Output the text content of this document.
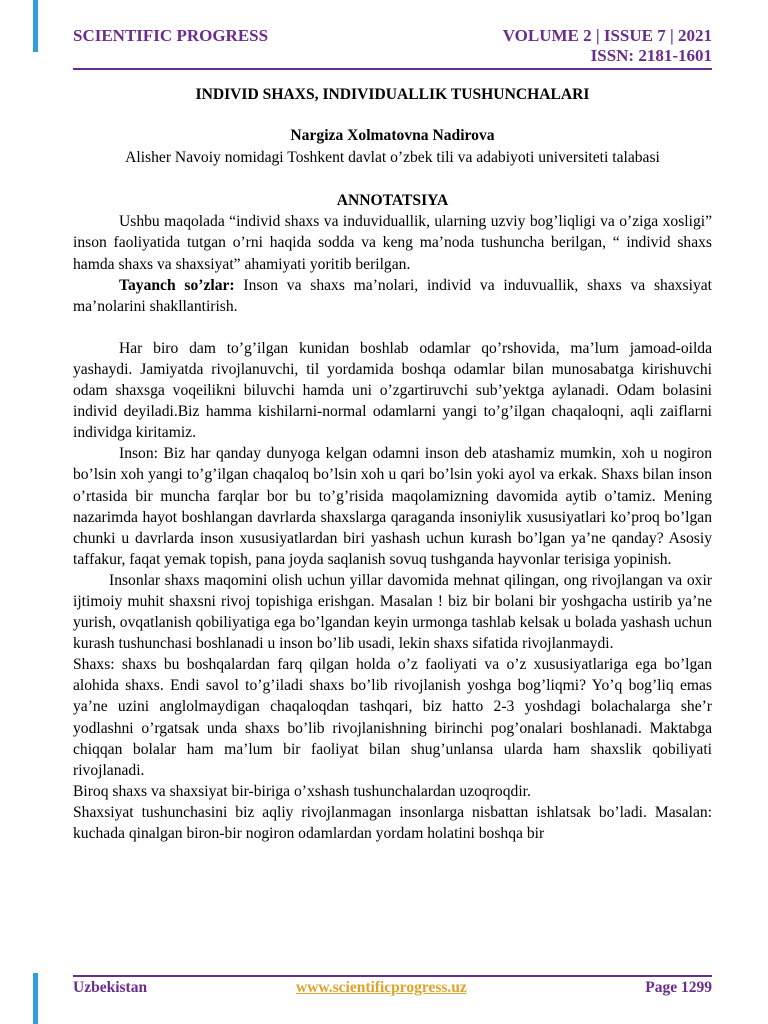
SCIENTIFIC PROGRESS	VOLUME 2 | ISSUE 7 | 2021
ISSN: 2181-1601
INDIVID SHAXS, INDIVIDUALLIK TUSHUNCHALARI
Nargiza Xolmatovna Nadirova
Alisher Navoiy nomidagi Toshkent davlat o’zbek tili va adabiyoti universiteti talabasi
ANNOTATSIYA

Ushbu maqolada “individ shaxs va induviduallik, ularning uzviy bog’liqligi va o’ziga xosligi” inson faoliyatida tutgan o’rni haqida sodda va keng ma’noda tushuncha berilgan, “ individ shaxs hamda shaxs va shaxsiyat” ahamiyati yoritib berilgan.

Tayanch so’zlar: Inson va shaxs ma’nolari, individ va induvuallik, shaxs va shaxsiyat ma’nolarini shakllantirish.

Har biro dam to’g’ilgan kunidan boshlab odamlar qo’rshovida, ma’lum jamoad-oilda yashaydi. Jamiyatda rivojlanuvchi, til yordamida boshqa odamlar bilan munosabatga kirishuvchi odam shaxsga voqeilikni biluvchi hamda uni o’zgartiruvchi sub’yektga aylanadi. Odam bolasini individ deyiladi.Biz hamma kishilarni-normal odamlarni yangi to’g’ilgan chaqaloqni, aqli zaiflarni individga kiritamiz.

Inson: Biz har qanday dunyoga kelgan odamni inson deb atashamiz mumkin, xoh u nogiron bo’lsin xoh yangi to’g’ilgan chaqaloq bo’lsin xoh u qari bo’lsin yoki ayol va erkak. Shaxs bilan inson o’rtasida bir muncha farqlar bor bu to’g’risida maqolamizning davomida aytib o’tamiz. Mening nazarimda hayot boshlangan davrlarda shaxslarga qaraganda insoniylik xususiyatlari ko’proq bo’lgan chunki u davrlarda inson xususiyatlardan biri yashash uchun kurash bo’lgan ya’ne qanday? Asosiy taffakur, faqat yemak topish, pana joyda saqlanish sovuq tushganda hayvonlar terisiga yopinish.

Insonlar shaxs maqomini olish uchun yillar davomida mehnat qilingan, ong rivojlangan va oxir ijtimoiy muhit shaxsni rivoj topishiga erishgan. Masalan ! biz bir bolani bir yoshgacha ustirib ya’ne yurish, ovqatlanish qobiliyatiga ega bo’lgandan keyin urmonga tashlab kelsak u bolada yashash uchun kurash tushunchasi boshlanadi u inson bo’lib usadi, lekin shaxs sifatida rivojlanmaydi.

Shaxs: shaxs bu boshqalardan farq qilgan holda o’z faoliyati va o’z xususiyatlariga ega bo’lgan alohida shaxs. Endi savol to’g’iladi shaxs bo’lib rivojlanish yoshga bog’liqmi? Yo’q bog’liq emas ya’ne uzini anglolmaydigan chaqaloqdan tashqari, biz hatto 2-3 yoshdagi bolachalarga she’r yodlashni o’rgatsak unda shaxs bo’lib rivojlanishning birinchi pog’onalari boshlanadi. Maktabga chiqqan bolalar ham ma’lum bir faoliyat bilan shug’unlansa ularda ham shaxslik qobiliyati rivojlanadi.

Biroq shaxs va shaxsiyat bir-biriga o’xshash tushunchalardan uzoqroqdir.

Shaxsiyat tushunchasini biz aqliy rivojlanmagan insonlarga nisbattan ishlatsak bo’ladi. Masalan: kuchada qinalgan biron-bir nogiron odamlardan yordam holatini boshqa bir

Uzbekistan	www.scientificprogress.uz	Page 1299
